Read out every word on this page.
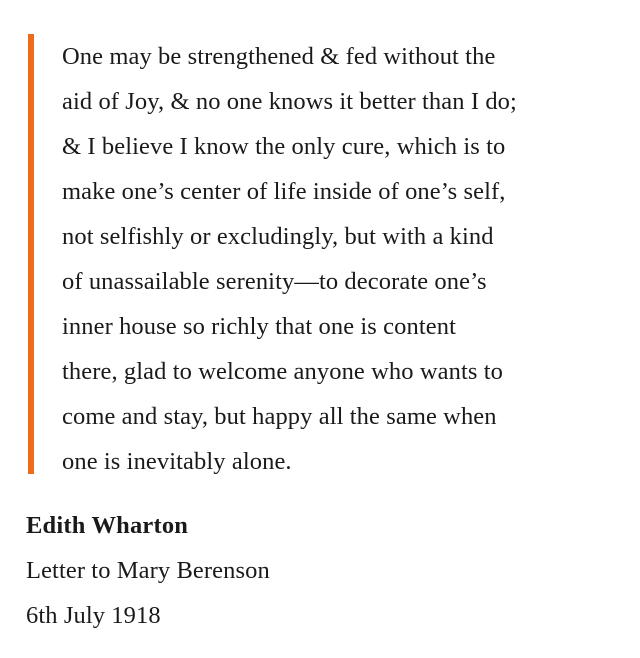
One may be strengthened & fed without the
aid of Joy, & no one knows it better than I do;
& I believe I know the only cure, which is to
make one’s center of life inside of one’s self,
not selfishly or excludingly, but with a kind
of unassailable serenity—to decorate one’s
inner house so richly that one is content
there, glad to welcome anyone who wants to
come and stay, but happy all the same when
one is inevitably alone.
Edith Wharton
Letter to Mary Berenson
6th July 1918
